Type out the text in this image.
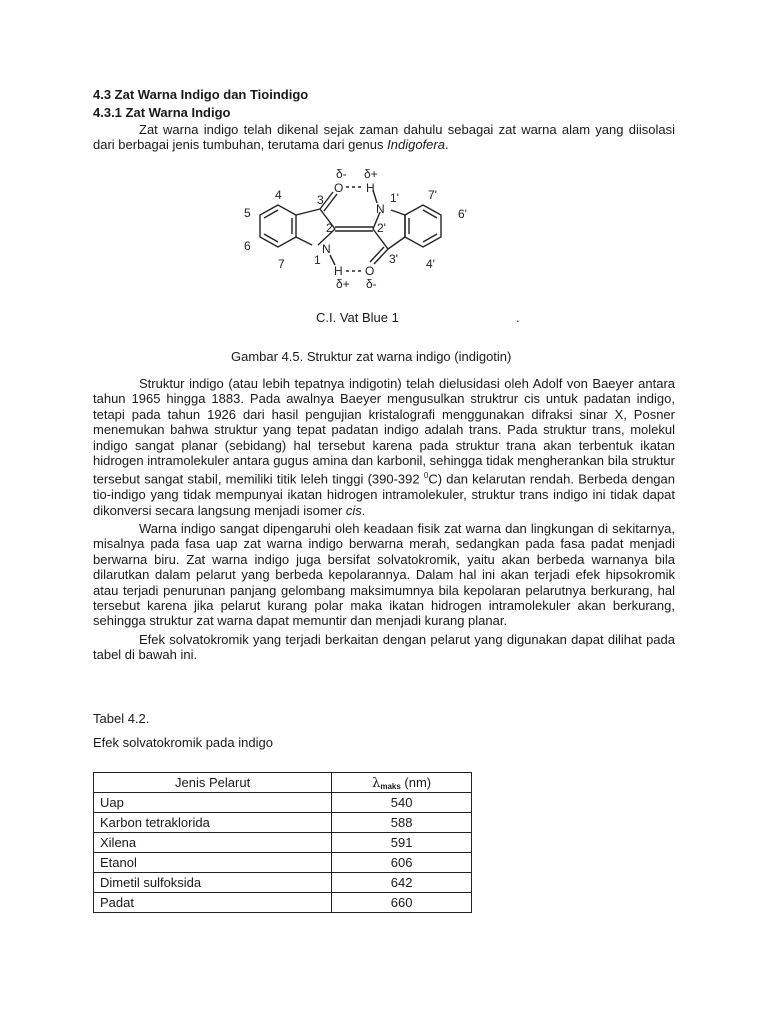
4.3 Zat Warna Indigo dan Tioindigo
4.3.1 Zat Warna Indigo

Zat warna indigo telah dikenal sejak zaman dahulu sebagai zat warna alam yang diisolasi dari berbagai jenis tumbuhan, terutama dari genus Indigofera.

δ- δ+
O H
N
1' 7'
6'
4	3
5
6
2	2'
7 1
N
3' 4'
H O
δ+ δ-
C.I. Vat Blue 1	.
Gambar 4.5. Struktur zat warna indigo (indigotin)

Struktur indigo (atau lebih tepatnya indigotin) telah dielusidasi oleh Adolf von Baeyer antara tahun 1965 hingga 1883. Pada awalnya Baeyer mengusulkan struktrur cis untuk padatan indigo, tetapi pada tahun 1926 dari hasil pengujian kristalografi menggunakan difraksi sinar X, Posner menemukan bahwa struktur yang tepat padatan indigo adalah trans. Pada struktur trans, molekul indigo sangat planar (sebidang) hal tersebut karena pada struktur trana akan terbentuk ikatan hidrogen intramolekuler antara gugus amina dan karbonil, sehingga tidak mengherankan bila struktur tersebut sangat stabil, memiliki titik leleh tinggi (390-392 $^0$C) dan kelarutan rendah. Berbeda dengan tio-indigo yang tidak mempunyai ikatan hidrogen intramolekuler, struktur trans indigo ini tidak dapat dikonversi secara langsung menjadi isomer cis.

Warna indigo sangat dipengaruhi oleh keadaan fisik zat warna dan lingkungan di sekitarnya, misalnya pada fasa uap zat warna indigo berwarna merah, sedangkan pada fasa padat menjadi berwarna biru. Zat warna indigo juga bersifat solvatokromik, yaitu akan berbeda warnanya bila dilarutkan dalam pelarut yang berbeda kepolarannya. Dalam hal ini akan terjadi efek hipsokromik atau terjadi penurunan panjang gelombang maksimumnya bila kepolaran pelarutnya berkurang, hal tersebut karena jika pelarut kurang polar maka ikatan hidrogen intramolekuler akan berkurang, sehingga struktur zat warna dapat memuntir dan menjadi kurang planar.

Efek solvatokromik yang terjadi berkaitan dengan pelarut yang digunakan dapat dilihat pada tabel di bawah ini.

Tabel 4.2.
Efek solvatokromik pada indigo
Jenis Pelarut	$\lambda_{maks}$ (nm)
Uap	540
Karbon tetraklorida	588
Xilena	591
Etanol	606
Dimetil sulfoksida	642
Padat	660
